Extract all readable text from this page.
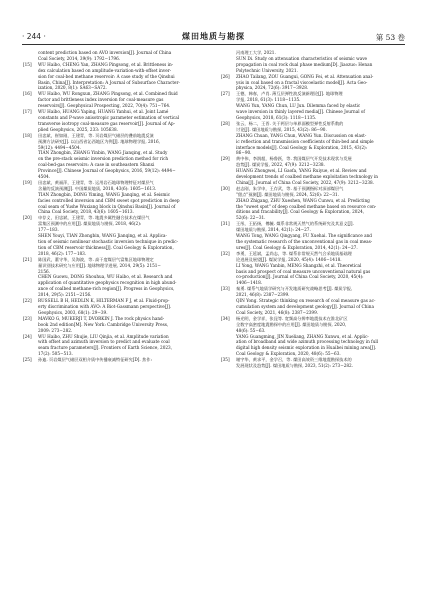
· 244 ·	煤田地质与勘探	第 53 卷

content prediction based on AVO inversion[J]. Journal of China

Coal Society, 2014, 39(9): 1792−1796.

[15] WU Haibo, CHENG Yan, ZHANG Pingsong, et al. Brittleness in-

dex calculation based on amplitude-variation-with-offset inver-

sion for coal-bed methane reservoir: A case study of the Qinshui

Basin, China[J]. Interpretation: A Journal of Subsurface Character-

ization, 2020, 8(1): SA63−SA72.

[16] WU Haibo, WU Rongxun, ZHANG Pingsong, et al. Combined fluid

factor and brittleness index inversion for coal-measure gas

reservoirs[J]. Geophysical Prospecting, 2022, 70(4): 751−764.

[17] WU Haibo, HUANG Yaping, HUANG Yanhui, et al. Joint Lamé

constants and P-wave anisotropic parameter estimation of vertical

transverse isotropy coal-measure gas reservoir[J]. Journal of Ap-

plied Geophysics, 2025, 233: 105638.

[18] 田忠斌，崔如刚，王建青，等. 页岩煤层气储层的叠前地震反演

预测方法研究[J]. 以山西省沁西地区为例[J]. 地球物理学报, 2016,

59(12): 4494−4504.

TIAN Zhongbin, ZHANG Yinbin, WANG Jianqing, et al. Study

on the pre-stack seismic inversion prediction method for rich

coal-bed-gas reservoirs: A case in southeastern Shanxi

Province[J]. Chinese Journal of Geophysics, 2016, 59(12): 4494−

4504.

[19] 田忠斌，黄福萍，王建青，等. 运用岩石地球物理特征对煤层气

含量的反演预测[J]. 中国煤炭地质, 2018, 43(6): 1605−1613.

TIAN Zhongbin, DONG Yiming, WANG Jianqing, et al. Seismic

facies controlled inversion and CBM sweet spot prediction in deep

coal seam of Yushe Wuxiang block in Qinshui Basin[J]. Journal of

China Coal Society, 2018, 43(6): 1605−1613.

[20] 申存义，田忠斌，王建青，等. 地震多属性融合技术在煤层气

富集区预测中的应用[J]. 煤炭地质与勘探, 2018, 46(2):

177−183.

SHEN Youyi, TIAN Zhongbin, WANG Jianqing, et al. Applica-

tion of seismic nonlinear stochastic inversion technique in predic-

tion of CBM reservoir thickness[J]. Coal Geology & Exploration,

2018, 46(2): 177−183.

[21] 陈国武，董守华，吴海波，等. 高干度煤层气富集区地球物理定

量识别技术研究与应用[J]. 地球物理学进展, 2014, 29(5): 2151−

2156.

CHEN Guowu, DONG Shouhua, WU Haibo, et al. Research and

application of quantitative geophysics recognition in high abund-

ance of coalbed methane-rich region[J]. Progress in Geophysics,

2014, 29(5): 2151−2156.

[22] RUSSELL B H, HEDLIN K, HILTERMAN F J, et al. Fluid-prop-

erty discrimination with AVO: A Biot-Gassmann perspective[J].

Geophysics, 2003, 68(1): 29−39.

[23] MAVKO G, MUKERJI T, DVORKIN J. The rock physics hand-

book 2nd edition[M]. New York: Cambridge University Press,

2009: 273−282.

[24] WU Haibo, ZHU Shujie, LIU Qinjia, et al. Amplitude variation

with offset and azimuth inversion to predict and evaluate coal

seam fracture parameters[J]. Frontiers of Earth Science, 2023,

17(2): 505−513.

[25] 孙迪. 页岩煤层气储层双相介质中传播衰减特征研究[D]. 焦作:

河南理工大学, 2021.

SUN Di. Study on attenuation characteristics of seismic wave

propagation in coal rock dual phase medium[D]. Jiaozuo: Henan

Polytechnic University, 2021.

[26] ZHAO Tailang, ZOU Guangui, GONG Fei, et al. Attenuation anal-

ysis in coal based on a fractal viscoelastic model[J]. Acta Geo-

physica, 2024, 72(6): 3917−3928.

[27] 王德，韩春，卢肖. 薄互层弹性波反演新理论[J]. 地球物理

学报, 2018, 61(3): 1118−1135.

WANG Yun, YANG Chun, LU Jun. Dilemma faced by elastic

wave inversion in thinly layered media[J]. Chinese Journal of

Geophysics, 2018, 61(3): 1118−1135.

[28] 张云，杨二，王晋. 关于两层与单界面模型弹性反射系数的

讨论[J]. 煤田地质与勘探, 2015, 43(2): 86−90.

ZHANG Chuan, YANG Chun, WANG Yun. Discussion on elast-

ic reflection and transmission coefficients of thin-bed and simple

interface models[J]. Coal Geology & Exploration, 2015, 43(2):

86−90.

[29] 黄中伟，李润超，杨鲁跃，等. 我国煤层气开发技术现状与发展

趋势[J]. 煤炭学报, 2022, 47(9): 3212−3238.

HUANG Zhongwei, LI Gaofa, YANG Ruiyue, et al. Review and

development trends of coalbed methane exploitation technology in

China[J]. Journal of China Coal Society, 2022, 47(9): 3212−3238.

[30] 赵志刚，朱学申，王存武，等. 基于预测指标对深部煤层气

"甜点"预测[J]. 煤田地质与勘探, 2024, 52(6): 22−31.

ZHAO Zhigang, ZHU Xueshen, WANG Cunwu, et al. Predicting

the "sweet spot" of deep coalbed methane based on resource con-

ditions and fracability[J]. Coal Geology & Exploration, 2024,

52(6): 22−31.

[31] 王彤，王拓扬，傅毓. 煤系非常规天然气的系统研究及其意义[J].

煤田地质与勘探, 2014, 42(1): 24−27.

WANG Tong, WANG Qingyang, FU Xuehai. The significance and

the systematic research of the unconventional gas in coal meas-

ures[J]. Coal Geology & Exploration, 2014, 42(1): 24−27.

[32] 李勇，王延斌，孟尚志，等. 煤系非常规天然气合采地质基础理

论进展及展望[J]. 煤炭学报, 2020, 45(4): 1406−1418.

LI Yong, WANG Yanbin, MENG Shangzhi, et al. Theoretical

basis and prospect of coal measure unconventional natural gas

co-production[J]. Journal of China Coal Society, 2020, 45(4):

1406−1418.

[33] 秦勇. 煤系气地质学研究与开发地质研究战略思考[J]. 煤炭学报,

2021, 46(8): 2387−2399.

QIN Yong. Strategic thinking on research of coal measure gas ac-

cumulation system and development geology[J]. Journal of China

Coal Society, 2021, 46(8): 2387−2399.

[34] 杨光明，金学祥，张昆等. 宽频高分辨率地震技术在淮北矿区

全数字高密度地震勘探中的应用[J]. 煤田地质与勘探, 2020,

48(6): 55−63.

YANG Guangming, JIN Xueliang, ZHANG Xunwu, et al. Applic-

ation of broadband and wide azimuth processing technology in full

digital high density seismic exploration in Huaibei mining area[J].

Coal Geology & Exploration, 2020, 48(6): 55−63.

[35] 谢宇华，黄求平，金学召，等. 煤田高效资三维地震勘探技术的

发展现状及趋势[J]. 煤田地质与勘探, 2023, 51(2): 273−282.
